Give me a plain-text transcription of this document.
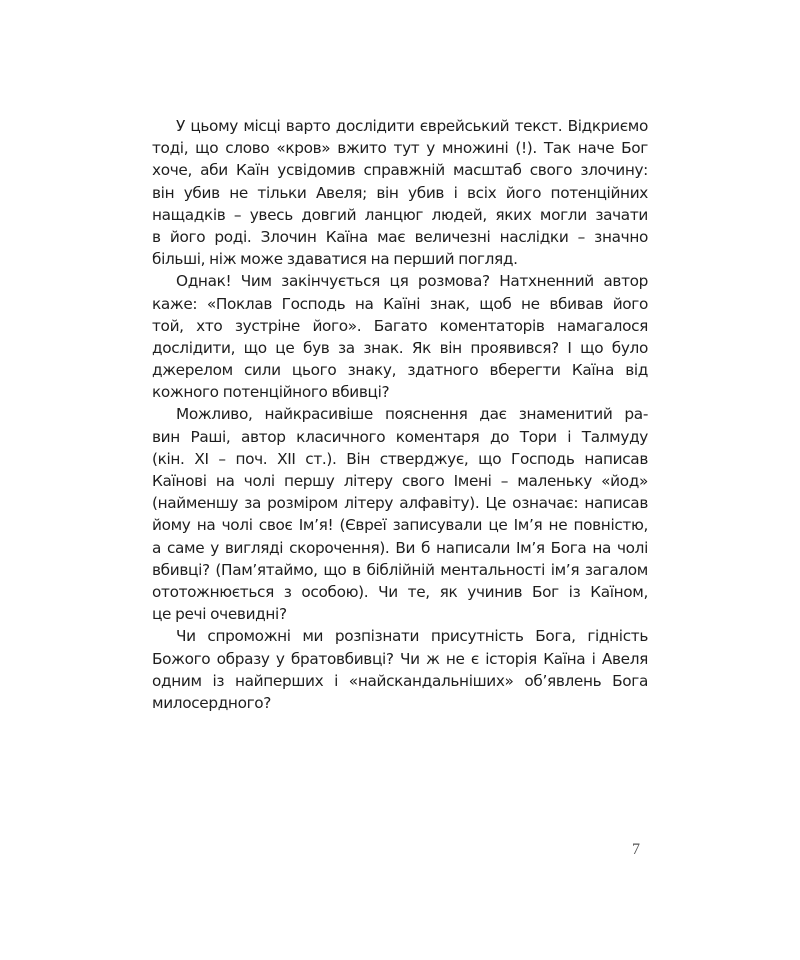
У цьому місці варто дослідити єврейський текст. Відкриємо
тоді, що слово «кров» вжито тут у множині (!). Так наче Бог
хоче, аби Каїн усвідомив справжній масштаб свого злочину:
він убив не тільки Авеля; він убив і всіх його потенційних
нащадків – увесь довгий ланцюг людей, яких могли зачати
в його роді. Злочин Каїна має величезні наслідки – значно
більші, ніж може здаватися на перший погляд.
Однак! Чим закінчується ця розмова? Натхненний автор
каже: «Поклав Господь на Каїні знак, щоб не вбивав його
той, хто зустріне його». Багато коментаторів намагалося
дослідити, що це був за знак. Як він проявився? І що було
джерелом сили цього знаку, здатного вберегти Каїна від
кожного потенційного вбивці?
Можливо, найкрасивіше пояснення дає знаменитий ра-
вин Раші, автор класичного коментаря до Тори і Талмуду
(кін. XI – поч. XII ст.). Він стверджує, що Господь написав
Каїнові на чолі першу літеру свого Імені – маленьку «йод»
(найменшу за розміром літеру алфавіту). Це означає: написав
йому на чолі своє Ім’я! (Євреї записували це Ім’я не повністю,
а саме у вигляді скорочення). Ви б написали Ім’я Бога на чолі
вбивці? (Пам’ятаймо, що в біблійній ментальності ім’я загалом
ототожнюється з особою). Чи те, як учинив Бог із Каїном,
це речі очевидні?
Чи спроможні ми розпізнати присутність Бога, гідність
Божого образу у братовбивці? Чи ж не є історія Каїна і Авеля
одним із найперших і «найскандальніших» об’явлень Бога
милосердного?
7
